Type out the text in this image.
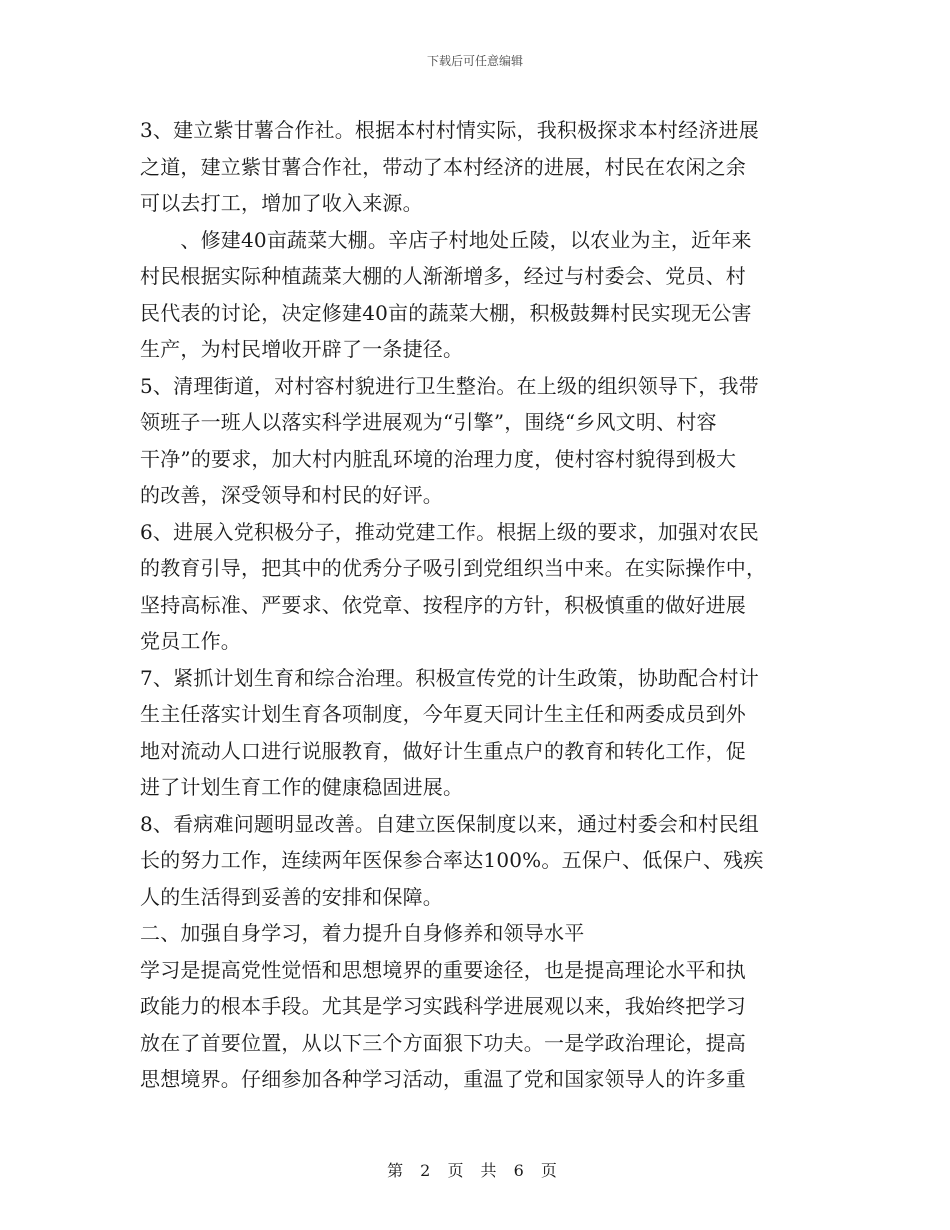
下载后可任意编辑
3、建立紫甘薯合作社。根据本村村情实际，我积极探求本村经济进展
之道，建立紫甘薯合作社，带动了本村经济的进展，村民在农闲之余
可以去打工，增加了收入来源。
　　、修建40亩蔬菜大棚。辛店子村地处丘陵，以农业为主，近年来
村民根据实际种植蔬菜大棚的人渐渐增多，经过与村委会、党员、村
民代表的讨论，决定修建40亩的蔬菜大棚，积极鼓舞村民实现无公害
生产，为村民增收开辟了一条捷径。
5、清理街道，对村容村貌进行卫生整治。在上级的组织领导下，我带
领班子一班人以落实科学进展观为“引擎”，围绕“乡风文明、村容
干净”的要求，加大村内脏乱环境的治理力度，使村容村貌得到极大
的改善，深受领导和村民的好评。
6、进展入党积极分子，推动党建工作。根据上级的要求，加强对农民
的教育引导，把其中的优秀分子吸引到党组织当中来。在实际操作中，
坚持高标准、严要求、依党章、按程序的方针，积极慎重的做好进展
党员工作。
7、紧抓计划生育和综合治理。积极宣传党的计生政策，协助配合村计
生主任落实计划生育各项制度，今年夏天同计生主任和两委成员到外
地对流动人口进行说服教育，做好计生重点户的教育和转化工作，促
进了计划生育工作的健康稳固进展。
8、看病难问题明显改善。自建立医保制度以来，通过村委会和村民组
长的努力工作，连续两年医保参合率达100%。五保户、低保户、残疾
人的生活得到妥善的安排和保障。
二、加强自身学习，着力提升自身修养和领导水平
学习是提高党性觉悟和思想境界的重要途径，也是提高理论水平和执
政能力的根本手段。尤其是学习实践科学进展观以来，我始终把学习
放在了首要位置，从以下三个方面狠下功夫。一是学政治理论，提高
思想境界。仔细参加各种学习活动，重温了党和国家领导人的许多重
第 2 页 共 6 页
